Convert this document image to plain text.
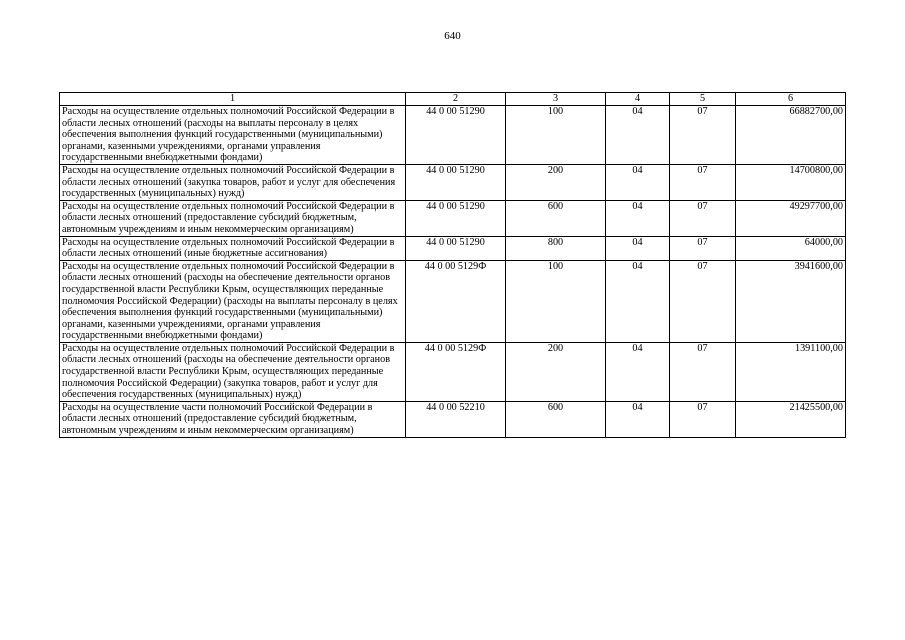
640
1	2	3	4	5	6
Расходы на осуществление отдельных полномочий Российской Федерации в области лесных отношений (расходы на выплаты персоналу в целях обеспечения выполнения функций государственными (муниципальными) органами, казенными учреждениями, органами управления государственными внебюджетными фондами)	44 0 00 51290	100	04	07	66882700,00
Расходы на осуществление отдельных полномочий Российской Федерации в области лесных отношений (закупка товаров, работ и услуг для обеспечения государственных (муниципальных) нужд)	44 0 00 51290	200	04	07	14700800,00
Расходы на осуществление отдельных полномочий Российской Федерации в области лесных отношений (предоставление субсидий бюджетным, автономным учреждениям и иным некоммерческим организациям)	44 0 00 51290	600	04	07	49297700,00
Расходы на осуществление отдельных полномочий Российской Федерации в области лесных отношений (иные бюджетные ассигнования)	44 0 00 51290	800	04	07	64000,00
Расходы на осуществление отдельных полномочий Российской Федерации в области лесных отношений (расходы на обеспечение деятельности органов государственной власти Республики Крым, осуществляющих переданные полномочия Российской Федерации) (расходы на выплаты персоналу в целях обеспечения выполнения функций государственными (муниципальными) органами, казенными учреждениями, органами управления государственными внебюджетными фондами)	44 0 00 5129Ф	100	04	07	3941600,00
Расходы на осуществление отдельных полномочий Российской Федерации в области лесных отношений (расходы на обеспечение деятельности органов государственной власти Республики Крым, осуществляющих переданные полномочия Российской Федерации) (закупка товаров, работ и услуг для обеспечения государственных (муниципальных) нужд)	44 0 00 5129Ф	200	04	07	1391100,00
Расходы на осуществление части полномочий Российской Федерации в области лесных отношений (предоставление субсидий бюджетным, автономным учреждениям и иным некоммерческим организациям)	44 0 00 52210	600	04	07	21425500,00
